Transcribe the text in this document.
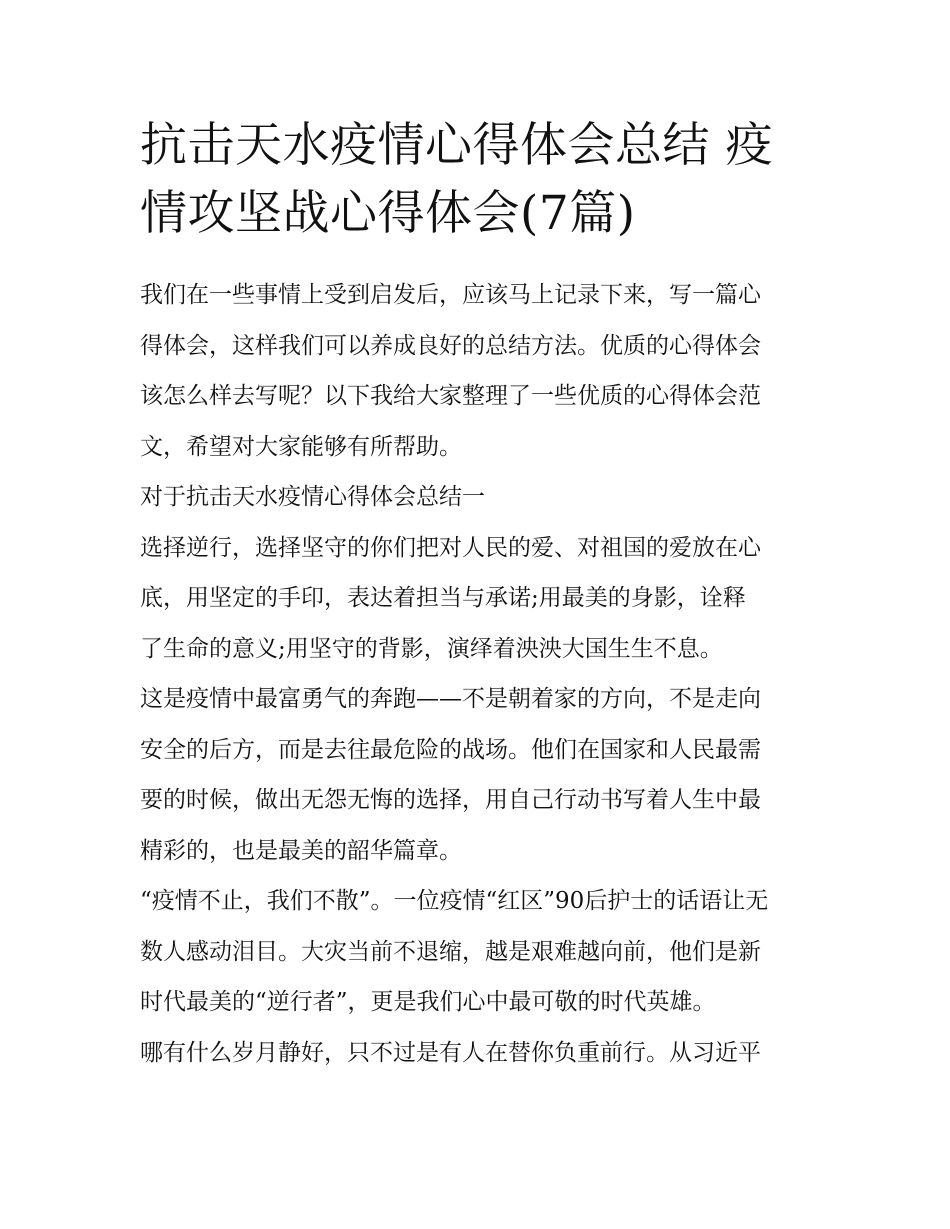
抗击天水疫情心得体会总结 疫
情攻坚战心得体会(7篇)

我们在一些事情上受到启发后，应该马上记录下来，写一篇心
得体会，这样我们可以养成良好的总结方法。优质的心得体会
该怎么样去写呢？以下我给大家整理了一些优质的心得体会范
文，希望对大家能够有所帮助。

对于抗击天水疫情心得体会总结一

选择逆行，选择坚守的你们把对人民的爱、对祖国的爱放在心
底，用坚定的手印，表达着担当与承诺;用最美的身影，诠释
了生命的意义;用坚守的背影，演绎着泱泱大国生生不息。

这是疫情中最富勇气的奔跑——不是朝着家的方向，不是走向
安全的后方，而是去往最危险的战场。他们在国家和人民最需
要的时候，做出无怨无悔的选择，用自己行动书写着人生中最
精彩的，也是最美的韶华篇章。

“疫情不止，我们不散”。一位疫情“红区”90后护士的话语让无
数人感动泪目。大灾当前不退缩，越是艰难越向前，他们是新
时代最美的“逆行者”，更是我们心中最可敬的时代英雄。

哪有什么岁月静好，只不过是有人在替你负重前行。从习近平
